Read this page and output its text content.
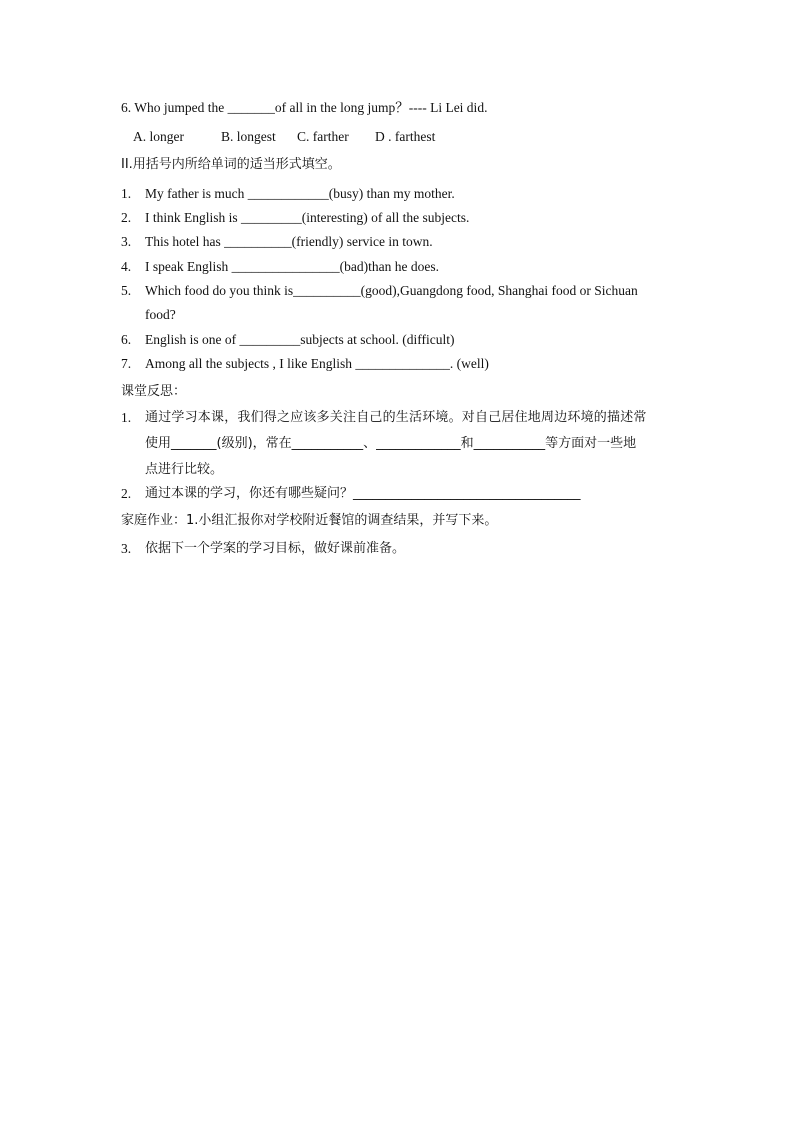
6. Who jumped the _______of all in the long jump？---- Li Lei did.
A. longer	B. longest C. farther D . farthest
II.用括号内所给单词的适当形式填空。
1. My father is much ____________(busy) than my mother.
2. I think English is _________(interesting) of all the subjects.
3. This hotel has __________(friendly) service in town.
4. I speak English ________________(bad)than he does.
5. Which food do you think is__________(good),Guangdong food, Shanghai food or Sichuan
food?
6. English is one of _________subjects at school. (difficult)
7. Among all the subjects , I like English ______________. (well)
课堂反思：
1. 通过学习本课，我们得之应该多关注自己的生活环境。对自己居住地周边环境的描述常
使用_______(级别)，常在___________、_____________和___________等方面对一些地
点进行比较。
2. 通过本课的学习，你还有哪些疑问？___________________________________
家庭作业：1.小组汇报你对学校附近餐馆的调查结果，并写下来。
3. 依据下一个学案的学习目标，做好课前准备。
